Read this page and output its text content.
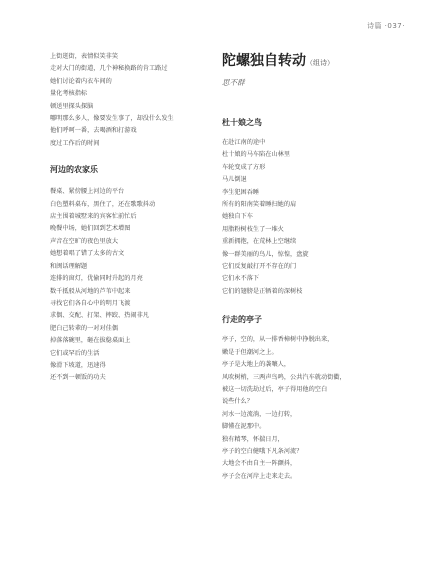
诗篇 ·037·
上街逛街，表情似笑非笑
走对大门的街道，几个神秘换路的肯工路过
她们讨论着内衣车间的
量化考核指标
顿送里探头探脑
哪明那么多人，像要发生事了，却没什么发生
他们呼呵一番，去喝酒和打游戏
度过工作后的时间
河边的农家乐
餐桌、紧傍腰上河边的平台
白色塑料桌布，黑住了，还在歌歌抖动
店主围着城墅来的宾客忙前忙后
晚餐中场，她们回到艺术增图
声音在空旷的夜色里放大
她想着唱了错了太多的古文
和闽话理解题
连排的窗灯，优偷同时升起的月亮
数千抵驳从河地的芦苇中起来
寻找它们各自心中的明月飞渡
求偶、交配、打架、摔跤、热闹非凡
肥白己转辈的一对对佳偶
掉落落碗里，砸在拔稳桌面上
它们或罕后的生活
像滑下坡道，迅速得
还不到一顿饭的功夫
陀螺独自转动（组诗）
思不群
杜十娘之鸟
在赴江南的途中
杜十娘的马车陷在山林里
车轮变成了方形
马儿倒退
李生犯困吞睡
所有的阳南笑着睡扫她的肩
她独自下车
用脂粉树枝生了一堆火
重新拥抱，在荒林上空继续
像一群美丽的鸟儿，惊惶，盘旋
它们反复敲打开不存在的门
它们永不落下
它们的翅膀是正牺着的深树枝
行走的亭子
亭子，空的，从一排香樟树中挣脱出来，
嫩是于但潮河之上。
亭子是大地上的袭嚷人，
风吹树梢，三两声鸟鸣，公共汽车就动街衢，
被这一切洗劫过后，亭子得用他的空白
说些什么？
河水一边流淌，一边打转，
脚懂在泥那中。
独有精琴，怀揣日月，
亭子的空白健哦下凡条河流？
大地会不由自主一阵颤抖，
亭子会在河岸上走来走去。
